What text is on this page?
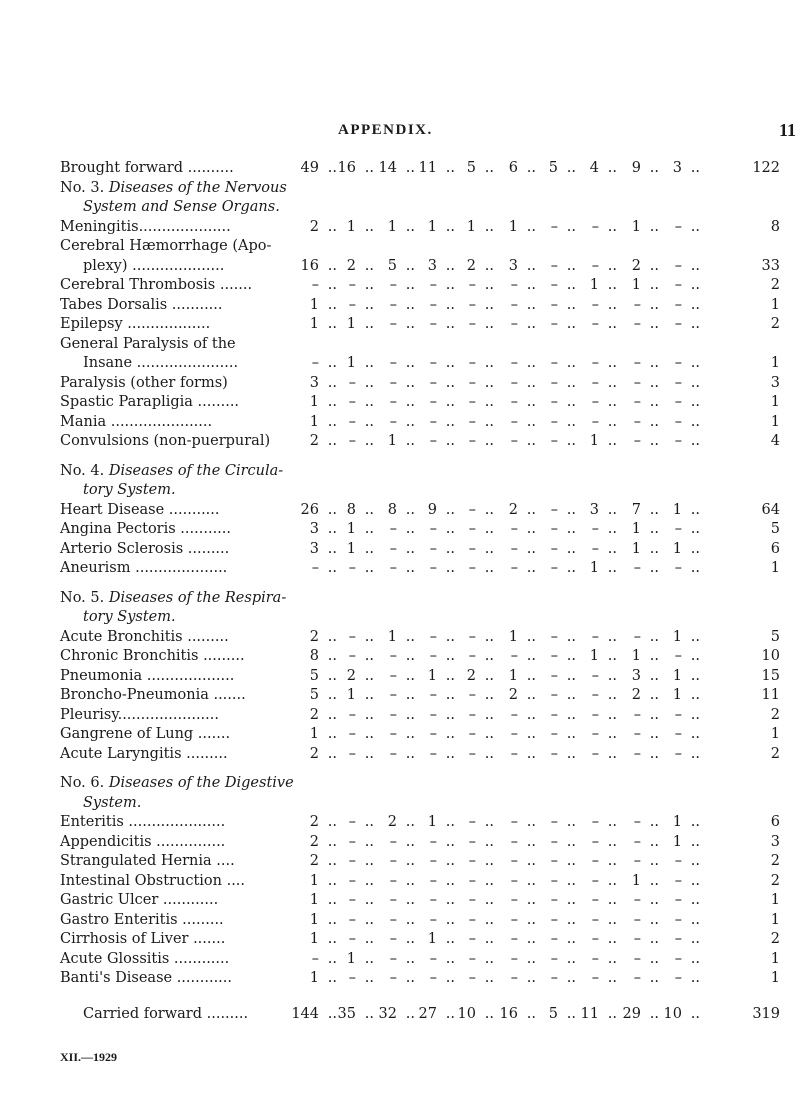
APPENDIX.	11
Brought forward ..........	49 .. 16 .. 14 .. 11 .. 5 .. 6 .. 5 .. 4 .. 9 .. 3 ..	122
No. 3. Diseases of the Nervous
System and Sense Organs.
Meningitis....................	2 .. 1 .. 1 .. 1 .. 1 .. 1 .. – .. – .. 1 .. – ..	8
Cerebral Hæmorrhage (Apo-
plexy) ....................	16 .. 2 .. 5 .. 3 .. 2 .. 3 .. – .. – .. 2 .. – ..	33
Cerebral Thrombosis .......	– .. – .. – .. – .. – .. – .. – .. 1 .. 1 .. – ..	2
Tabes Dorsalis ...........	1 .. – .. – .. – .. – .. – .. – .. – .. – .. – ..	1
Epilepsy ..................	1 .. 1 .. – .. – .. – .. – .. – .. – .. – .. – ..	2
General Paralysis of the
Insane ......................	– .. 1 .. – .. – .. – .. – .. – .. – .. – .. – ..	1
Paralysis (other forms)	3 .. – .. – .. – .. – .. – .. – .. – .. – .. – ..	3
Spastic Parapligia .........	1 .. – .. – .. – .. – .. – .. – .. – .. – .. – ..	1
Mania ......................	1 .. – .. – .. – .. – .. – .. – .. – .. – .. – ..	1
Convulsions (non-puerpural)	2 .. – .. 1 .. – .. – .. – .. – .. 1 .. – .. – ..	4
No. 4. Diseases of the Circula-
tory System.
Heart Disease ...........	26 .. 8 .. 8 .. 9 .. – .. 2 .. – .. 3 .. 7 .. 1 ..	64
Angina Pectoris ...........	3 .. 1 .. – .. – .. – .. – .. – .. – .. 1 .. – ..	5
Arterio Sclerosis .........	3 .. 1 .. – .. – .. – .. – .. – .. – .. 1 .. 1 ..	6
Aneurism ....................	– .. – .. – .. – .. – .. – .. – .. 1 .. – .. – ..	1
No. 5. Diseases of the Respira-
tory System.
Acute Bronchitis .........	2 .. – .. 1 .. – .. – .. 1 .. – .. – .. – .. 1 ..	5
Chronic Bronchitis .........	8 .. – .. – .. – .. – .. – .. – .. 1 .. 1 .. – ..	10
Pneumonia ...................	5 .. 2 .. – .. 1 .. 2 .. 1 .. – .. – .. 3 .. 1 ..	15
Broncho-Pneumonia .......	5 .. 1 .. – .. – .. – .. 2 .. – .. – .. 2 .. 1 ..	11
Pleurisy......................	2 .. – .. – .. – .. – .. – .. – .. – .. – .. – ..	2
Gangrene of Lung .......	1 .. – .. – .. – .. – .. – .. – .. – .. – .. – ..	1
Acute Laryngitis .........	2 .. – .. – .. – .. – .. – .. – .. – .. – .. – ..	2
No. 6. Diseases of the Digestive
System.
Enteritis .....................	2 .. – .. 2 .. 1 .. – .. – .. – .. – .. – .. 1 ..	6
Appendicitis ...............	2 .. – .. – .. – .. – .. – .. – .. – .. – .. 1 ..	3
Strangulated Hernia ....	2 .. – .. – .. – .. – .. – .. – .. – .. – .. – ..	2
Intestinal Obstruction ....	1 .. – .. – .. – .. – .. – .. – .. – .. 1 .. – ..	2
Gastric Ulcer ............	1 .. – .. – .. – .. – .. – .. – .. – .. – .. – ..	1
Gastro Enteritis .........	1 .. – .. – .. – .. – .. – .. – .. – .. – .. – ..	1
Cirrhosis of Liver .......	1 .. – .. – .. 1 .. – .. – .. – .. – .. – .. – ..	2
Acute Glossitis ............	– .. 1 .. – .. – .. – .. – .. – .. – .. – .. – ..	1
Banti's Disease ............	1 .. – .. – .. – .. – .. – .. – .. – .. – .. – ..	1
Carried forward .........	144 .. 35 .. 32 .. 27 .. 10 .. 16 .. 5 .. 11 .. 29 .. 10 ..	319
XII.—1929
